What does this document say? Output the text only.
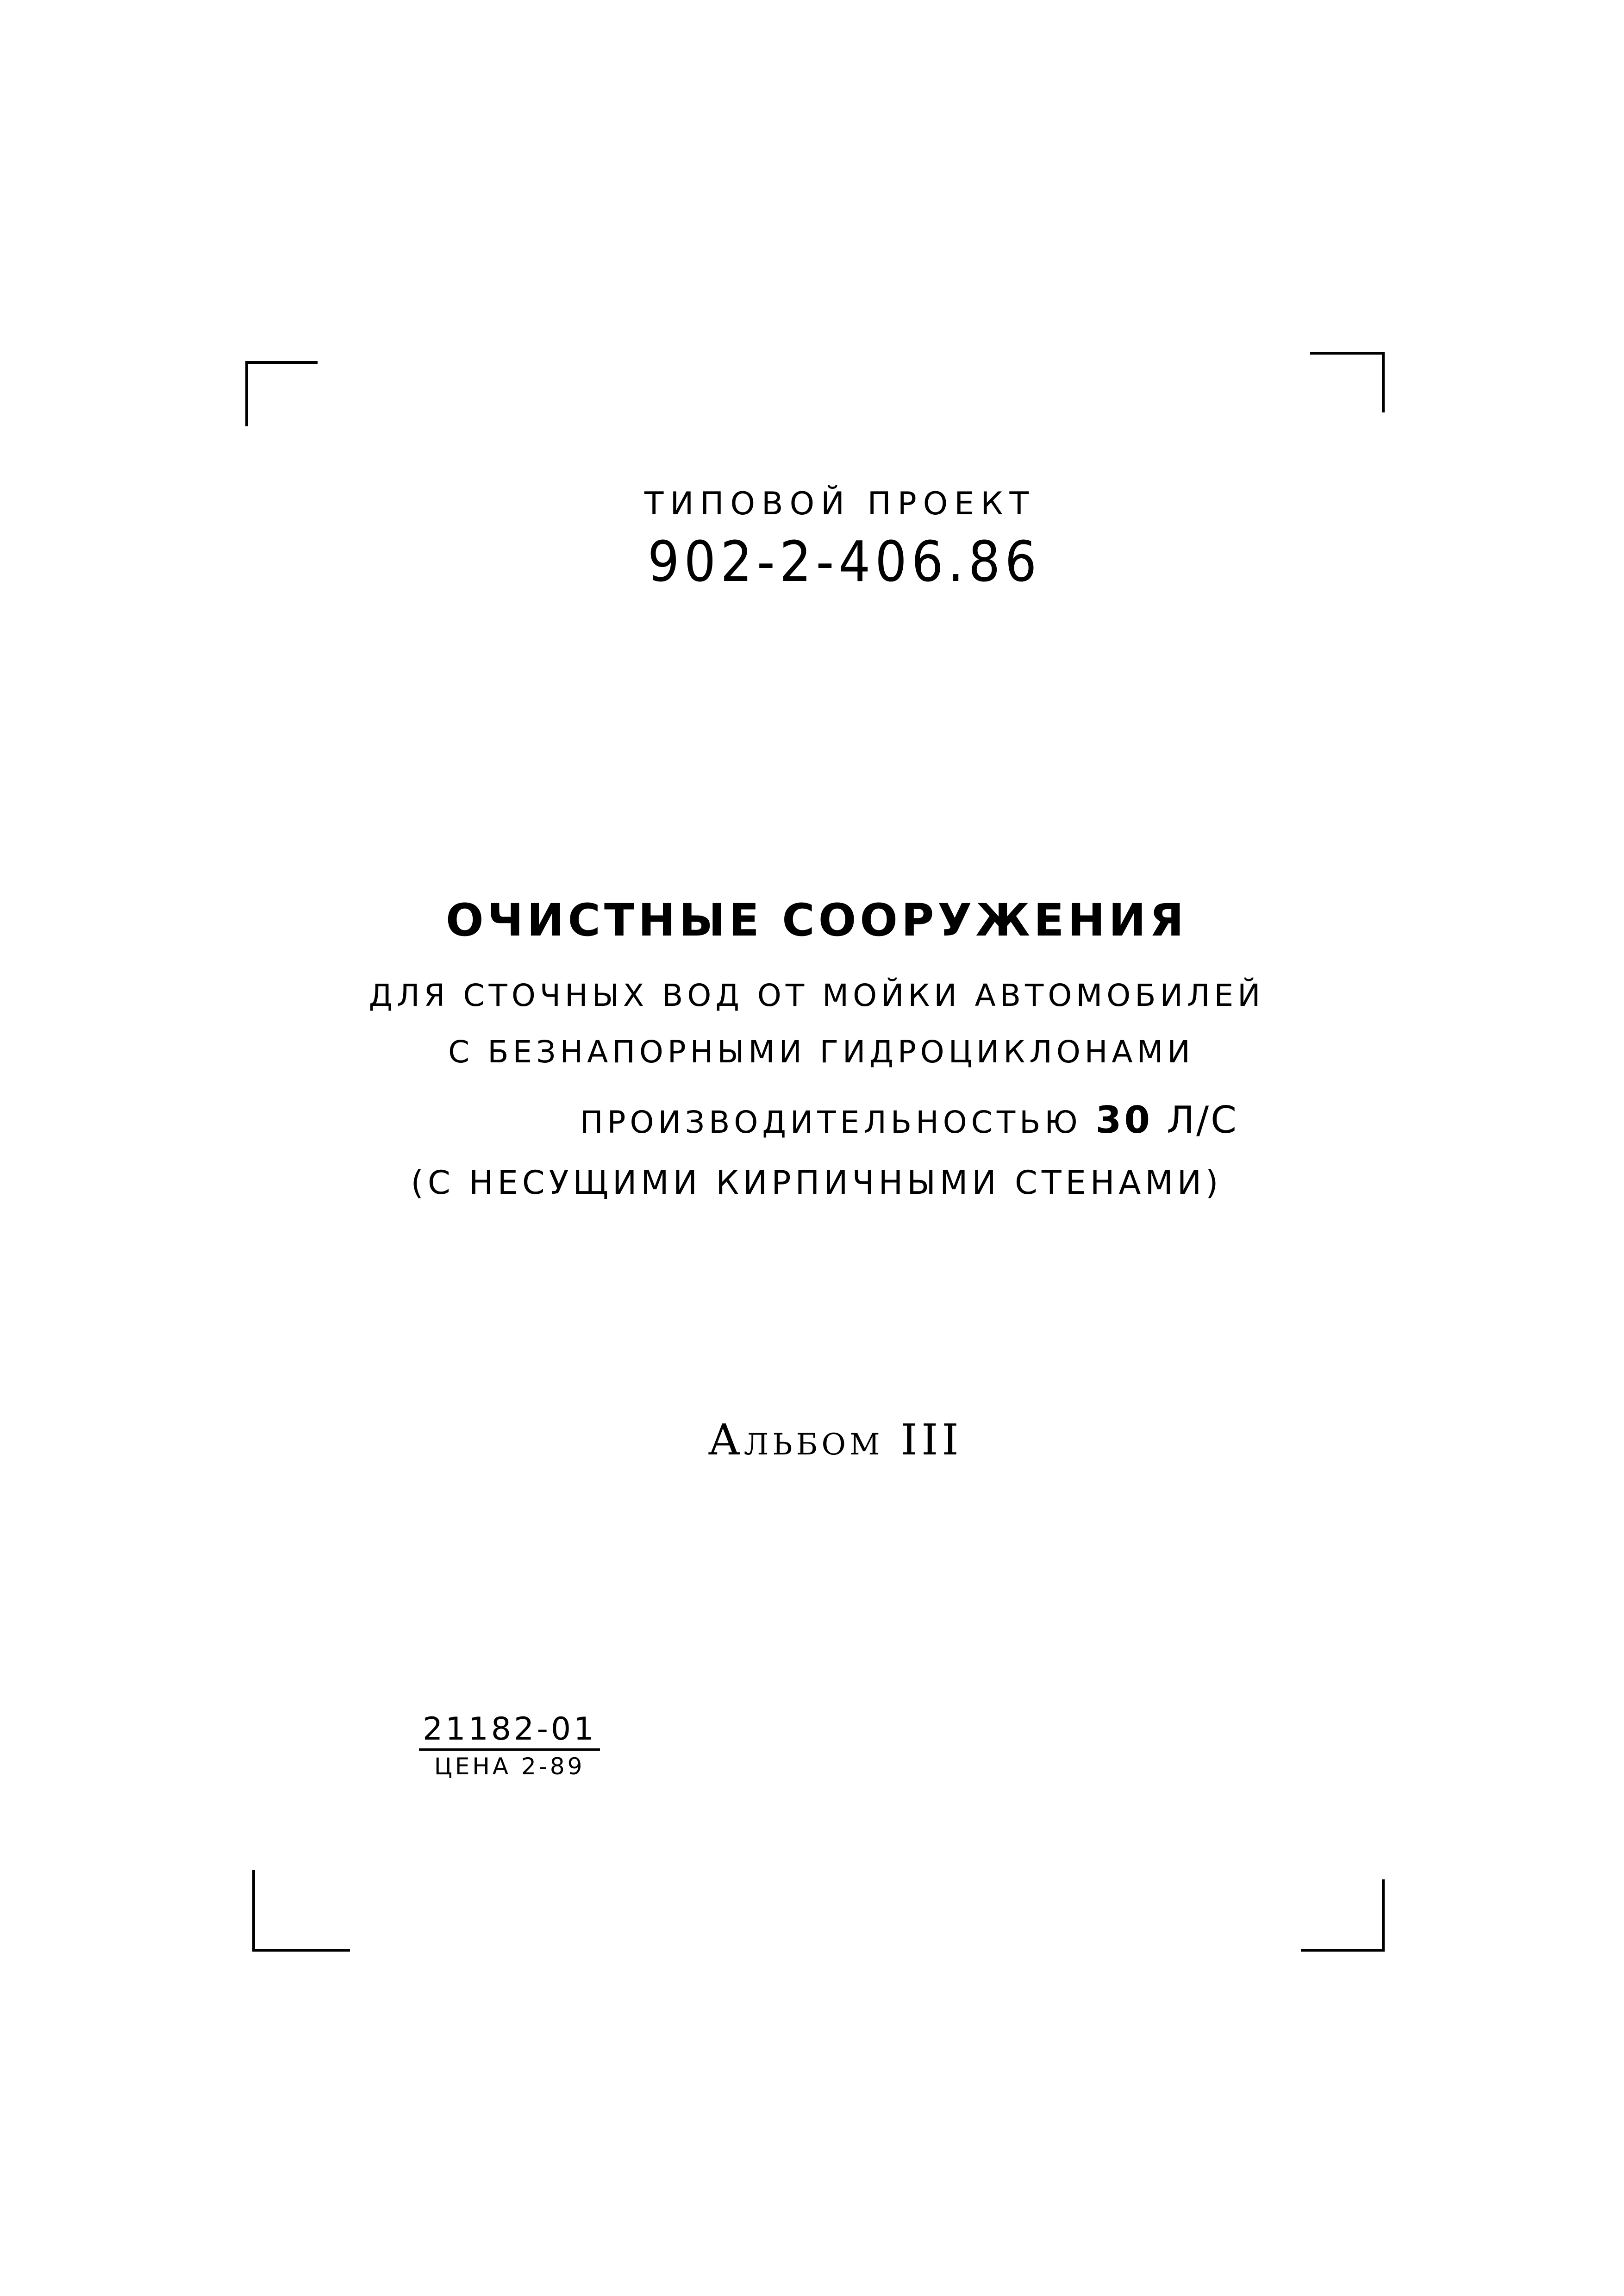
ТИПОВОЙ ПРОЕКТ
902-2-406.86
ОЧИСТНЫЕ СООРУЖЕНИЯ
ДЛЯ СТОЧНЫХ ВОД ОТ МОЙКИ АВТОМОБИЛЕЙ
С БЕЗНАПОРНЫМИ ГИДРОЦИКЛОНАМИ
ПРОИЗВОДИТЕЛЬНОСТЬЮ 30 Л/С
(С НЕСУЩИМИ КИРПИЧНЫМИ СТЕНАМИ)
Альбом III
21182-01
ЦЕНА 2-89
